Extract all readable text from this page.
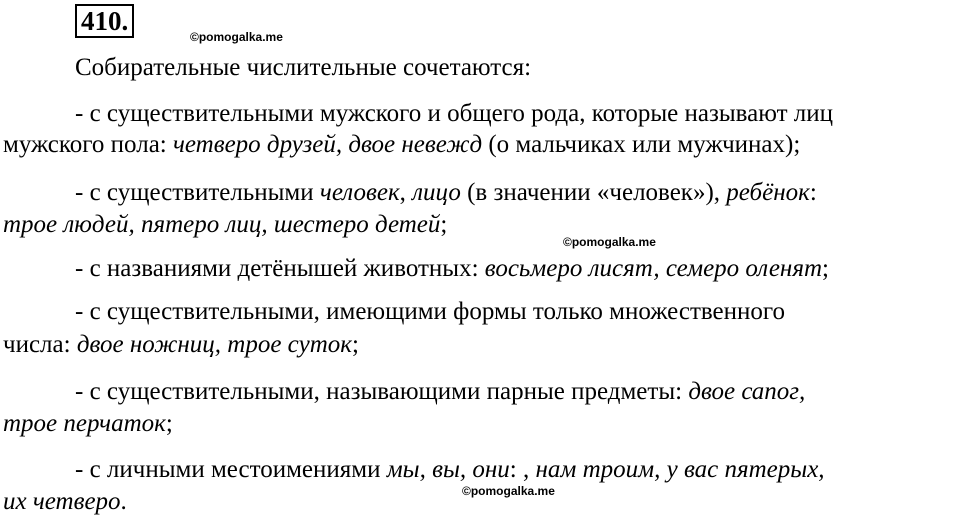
410.
©pomogalka.me
Собирательные числительные сочетаются:
- с существительными мужского и общего рода, которые называют лиц
мужского пола: четверо друзей, двое невежд (о мальчиках или мужчинах);
- с существительными человек, лицо (в значении «человек»), ребёнок:
трое людей, пятеро лиц, шестеро детей;
©pomogalka.me
- с названиями детёнышей животных: восьмеро лисят, семеро оленят;
- с существительными, имеющими формы только множественного
числа: двое ножниц, трое суток;
- с существительными, называющими парные предметы: двое сапог,
трое перчаток;
- с личными местоимениями мы, вы, они: , нам троим, у вас пятерых,
их четверо.	©pomogalka.me
